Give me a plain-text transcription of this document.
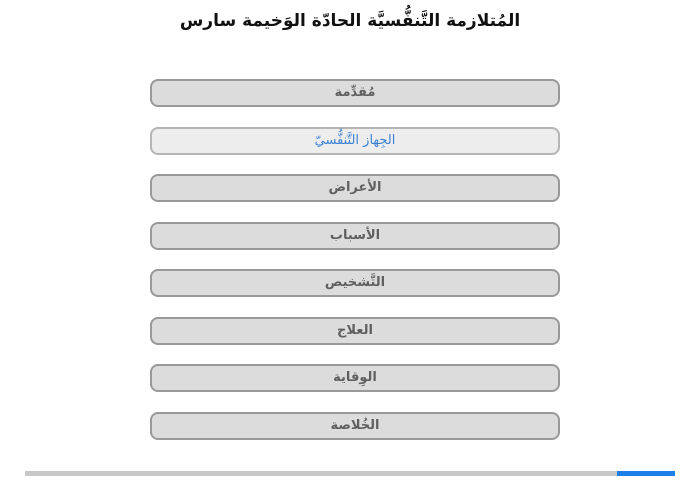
المُتلازمة التَّنفُّسيَّة الحادّة الوَخيمة سارس
مُقدِّمة
الجِهاز التَّنفُّسيّ
الأعراض
الأسباب
التَّشخيص
العلاج
الوِقاية
الخُلاصة
